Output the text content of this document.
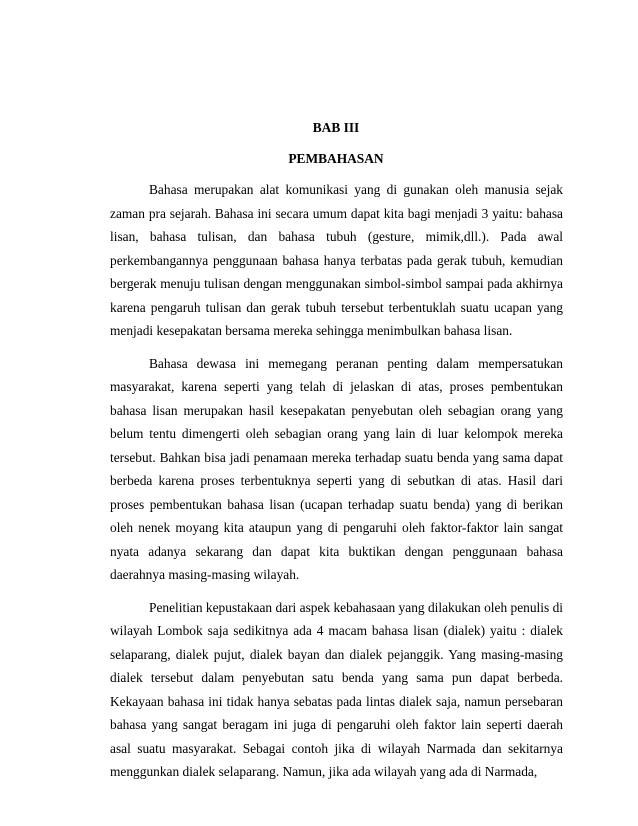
BAB III
PEMBAHASAN

Bahasa merupakan alat komunikasi yang di gunakan oleh manusia sejak zaman pra sejarah. Bahasa ini secara umum dapat kita bagi menjadi 3 yaitu: bahasa lisan, bahasa tulisan, dan bahasa tubuh (gesture, mimik,dll.). Pada awal perkembangannya penggunaan bahasa hanya terbatas pada gerak tubuh, kemudian bergerak menuju tulisan dengan menggunakan simbol-simbol sampai pada akhirnya karena pengaruh tulisan dan gerak tubuh tersebut terbentuklah suatu ucapan yang menjadi kesepakatan bersama mereka sehingga menimbulkan bahasa lisan.

Bahasa dewasa ini memegang peranan penting dalam mempersatukan masyarakat, karena seperti yang telah di jelaskan di atas, proses pembentukan bahasa lisan merupakan hasil kesepakatan penyebutan oleh sebagian orang yang belum tentu dimengerti oleh sebagian orang yang lain di luar kelompok mereka tersebut. Bahkan bisa jadi penamaan mereka terhadap suatu benda yang sama dapat berbeda karena proses terbentuknya seperti yang di sebutkan di atas. Hasil dari proses pembentukan bahasa lisan (ucapan terhadap suatu benda) yang di berikan oleh nenek moyang kita ataupun yang di pengaruhi oleh faktor-faktor lain sangat nyata adanya sekarang dan dapat kita buktikan dengan penggunaan bahasa daerahnya masing-masing wilayah.

Penelitian kepustakaan dari aspek kebahasaan yang dilakukan oleh penulis di wilayah Lombok saja sedikitnya ada 4 macam bahasa lisan (dialek) yaitu : dialek selaparang, dialek pujut, dialek bayan dan dialek pejanggik. Yang masing-masing dialek tersebut dalam penyebutan satu benda yang sama pun dapat berbeda. Kekayaan bahasa ini tidak hanya sebatas pada lintas dialek saja, namun persebaran bahasa yang sangat beragam ini juga di pengaruhi oleh faktor lain seperti daerah asal suatu masyarakat. Sebagai contoh jika di wilayah Narmada dan sekitarnya menggunkan dialek selaparang. Namun, jika ada wilayah yang ada di Narmada,
